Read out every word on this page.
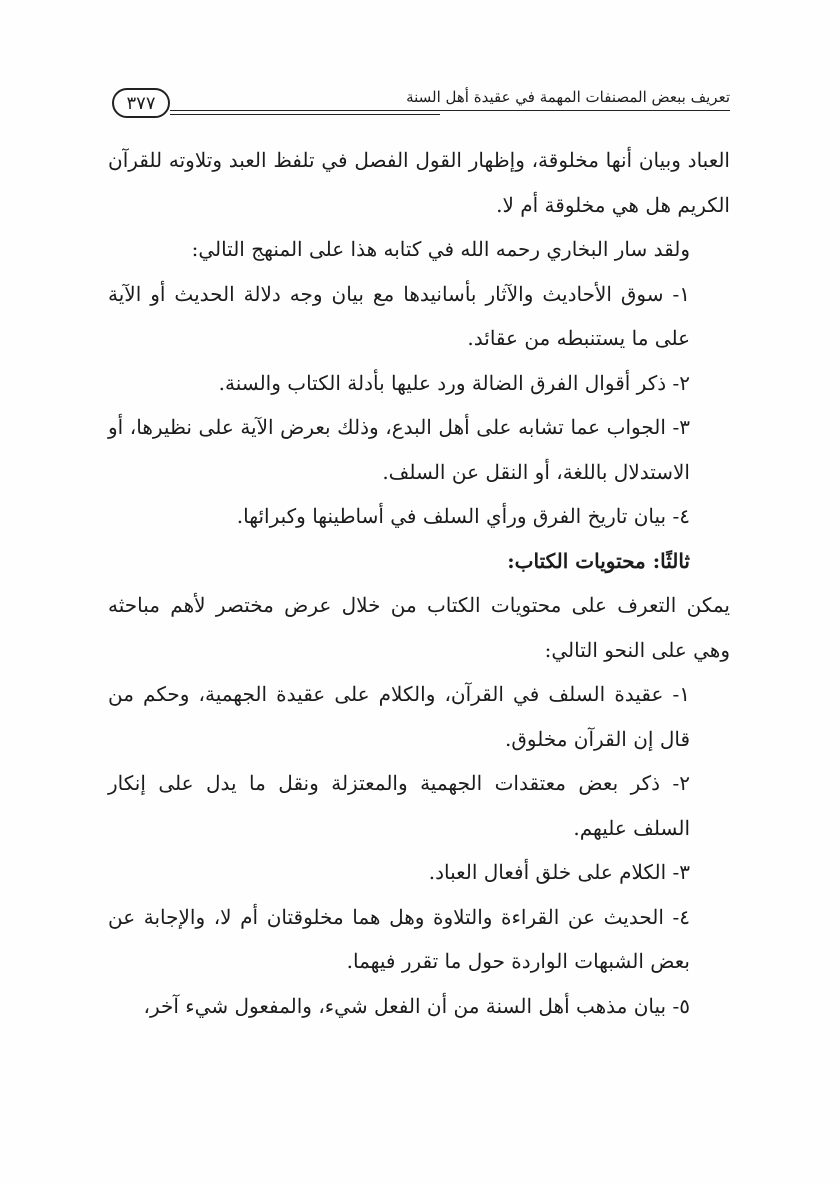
٣٧٧	تعريف ببعض المصنفات المهمة في عقيدة أهل السنة

العباد وبيان أنها مخلوقة، وإظهار القول الفصل في تلفظ العبد وتلاوته للقرآن الكريم هل هي مخلوقة أم لا.

ولقد سار البخاري رحمه الله في كتابه هذا على المنهج التالي:

١- سوق الأحاديث والآثار بأسانيدها مع بيان وجه دلالة الحديث أو الآية على ما يستنبطه من عقائد.

٢- ذكر أقوال الفرق الضالة ورد عليها بأدلة الكتاب والسنة.

٣- الجواب عما تشابه على أهل البدع، وذلك بعرض الآية على نظيرها، أو الاستدلال باللغة، أو النقل عن السلف.

٤- بيان تاريخ الفرق ورأي السلف في أساطينها وكبرائها.

ثالثًا: محتويات الكتاب:

يمكن التعرف على محتويات الكتاب من خلال عرض مختصر لأهم مباحثه وهي على النحو التالي:

١- عقيدة السلف في القرآن، والكلام على عقيدة الجهمية، وحكم من قال إن القرآن مخلوق.

٢- ذكر بعض معتقدات الجهمية والمعتزلة ونقل ما يدل على إنكار السلف عليهم.

٣- الكلام على خلق أفعال العباد.

٤- الحديث عن القراءة والتلاوة وهل هما مخلوقتان أم لا، والإجابة عن بعض الشبهات الواردة حول ما تقرر فيهما.

٥- بيان مذهب أهل السنة من أن الفعل شيء، والمفعول شيء آخر،
